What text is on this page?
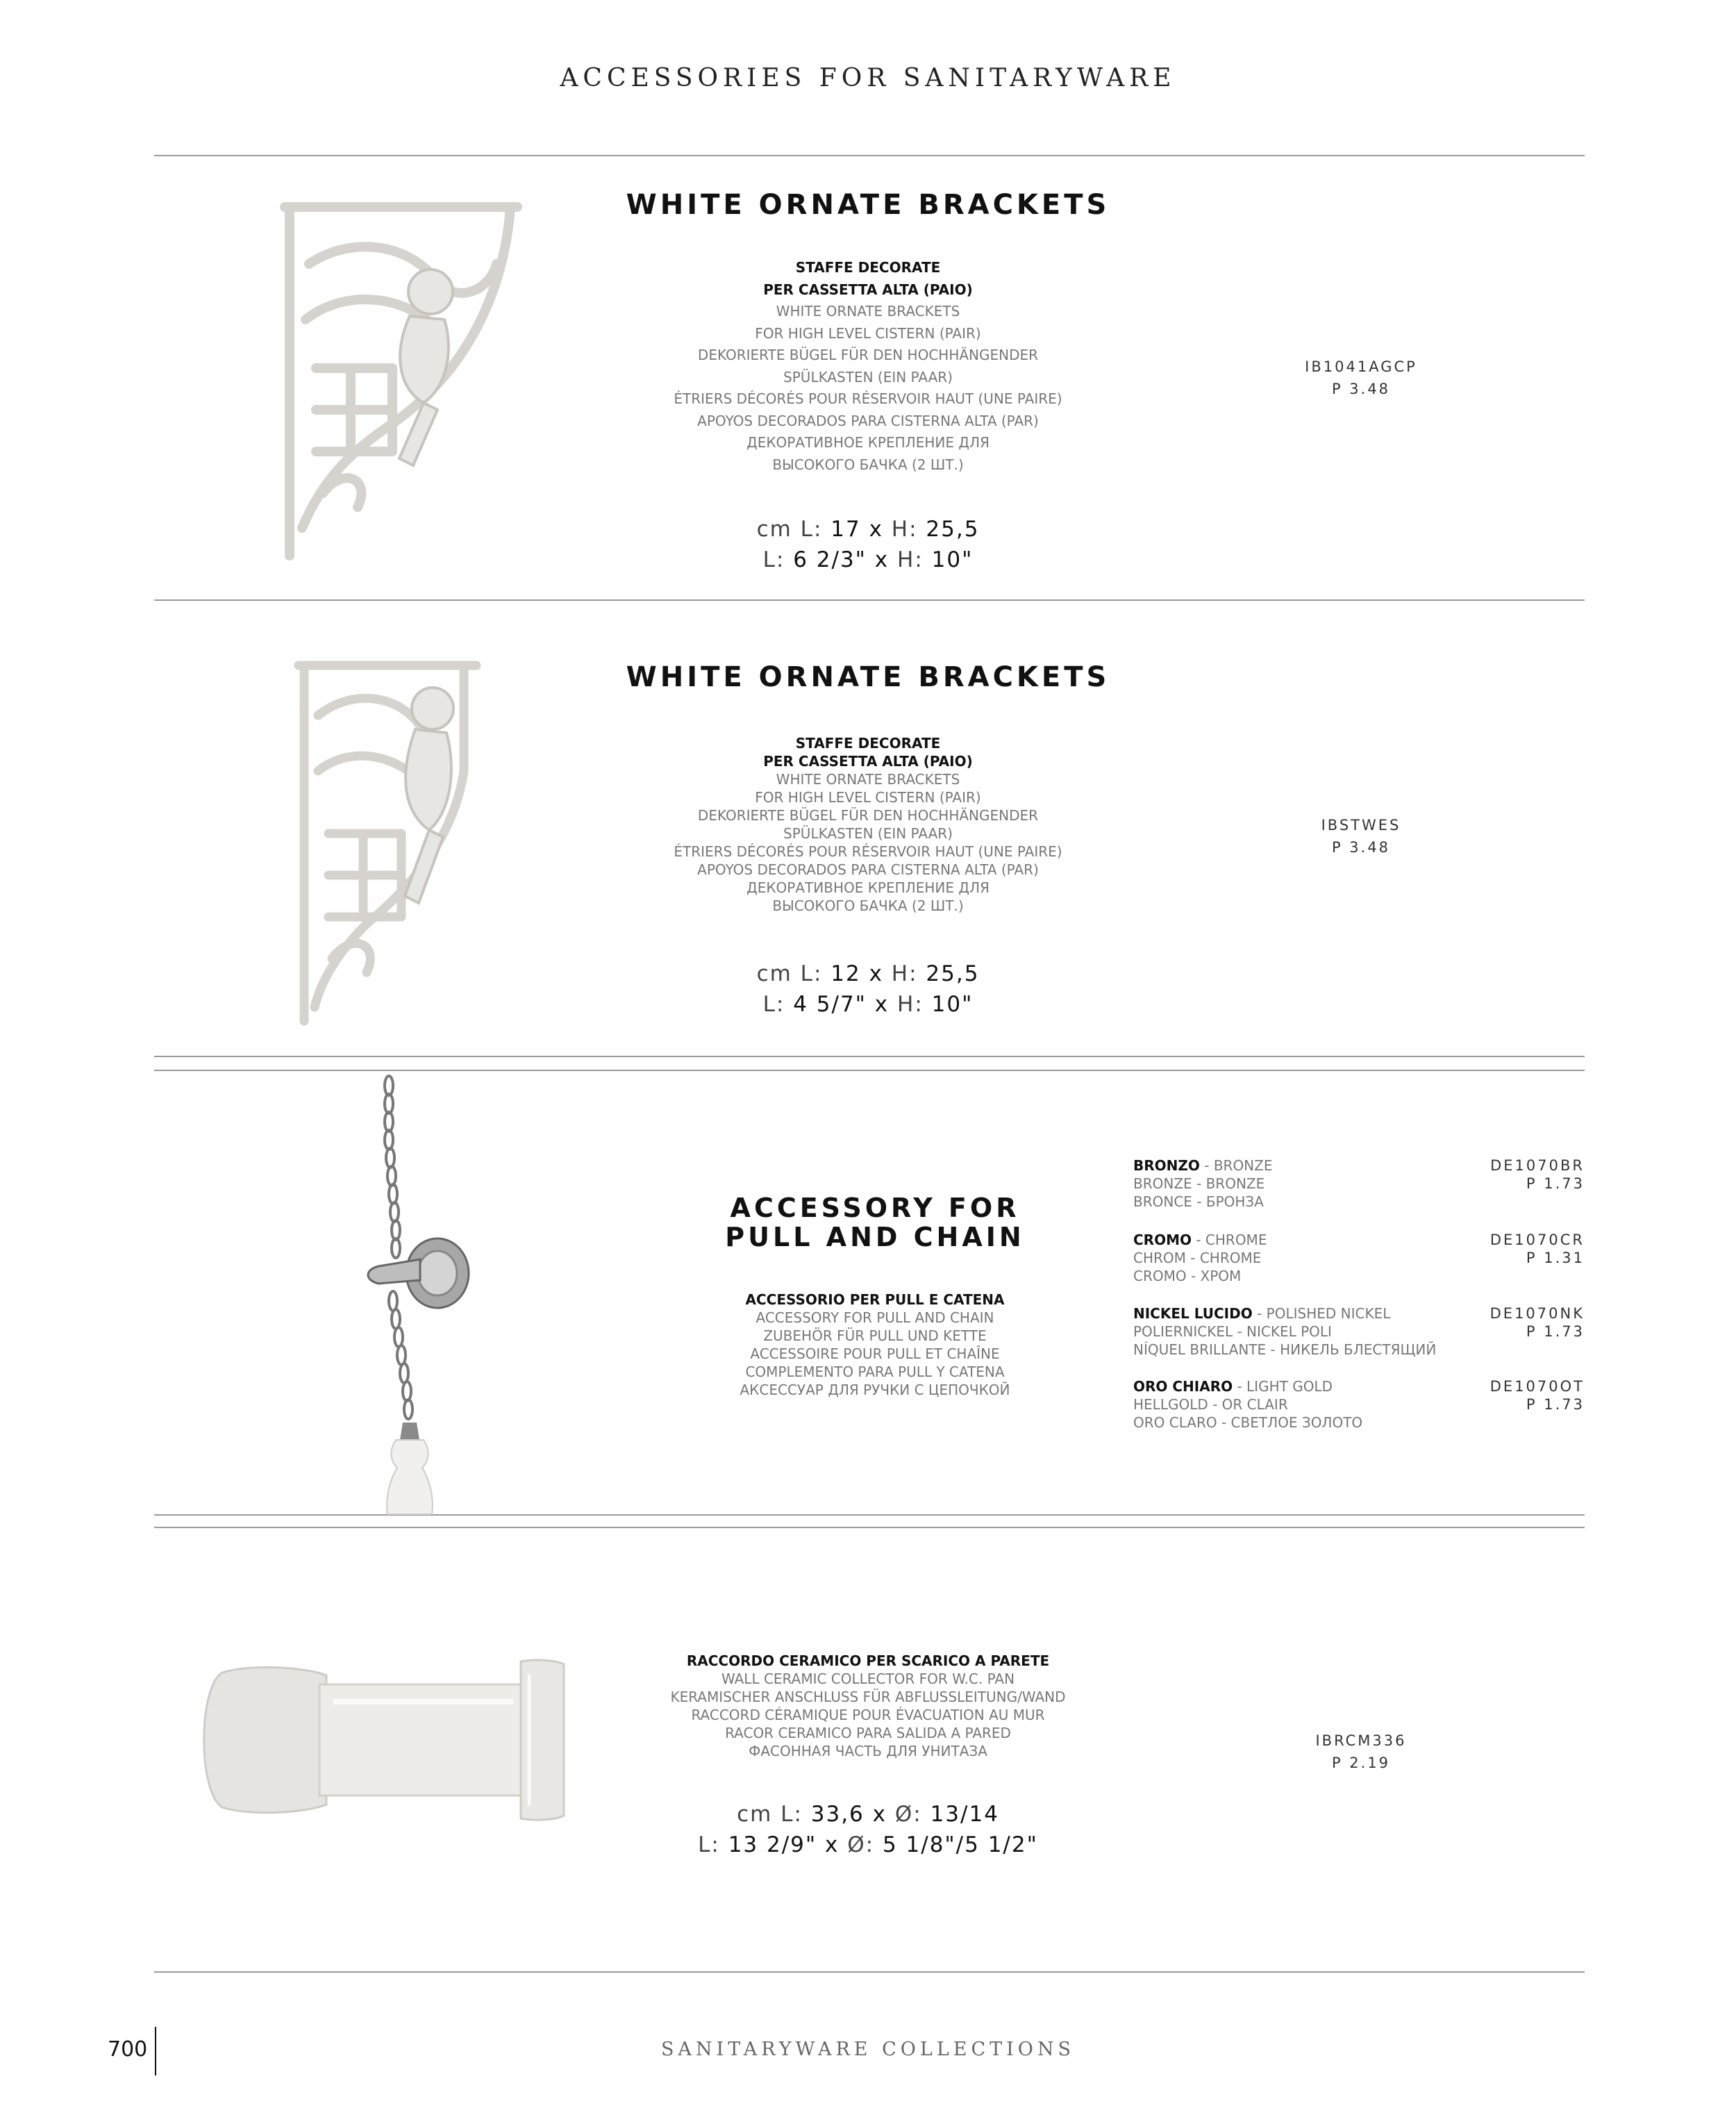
ACCESSORIES FOR SANITARYWARE
WHITE ORNATE BRACKETS
STAFFE DECORATE
PER CASSETTA ALTA (PAIO)
WHITE ORNATE BRACKETS
FOR HIGH LEVEL CISTERN (PAIR)
DEKORIERTE BÜGEL FÜR DEN HOCHHÄNGENDER
SPÜLKASTEN (EIN PAAR)
ÉTRIERS DÉCORÉS POUR RÉSERVOIR HAUT (UNE PAIRE)
APOYOS DECORADOS PARA CISTERNA ALTA (PAR)
ДЕКОРАТИВНОЕ КРЕПЛЕНИЕ ДЛЯ
ВЫСОКОГО БАЧКА (2 ШТ.)
cm L: 17 x H: 25,5
L: 6 2/3" x H: 10"
IB1041AGCP
P 3.48
WHITE ORNATE BRACKETS
STAFFE DECORATE
PER CASSETTA ALTA (PAIO)
WHITE ORNATE BRACKETS
FOR HIGH LEVEL CISTERN (PAIR)
DEKORIERTE BÜGEL FÜR DEN HOCHHÄNGENDER
SPÜLKASTEN (EIN PAAR)
ÉTRIERS DÉCORÉS POUR RÉSERVOIR HAUT (UNE PAIRE)
APOYOS DECORADOS PARA CISTERNA ALTA (PAR)
ДЕКОРАТИВНОЕ КРЕПЛЕНИЕ ДЛЯ
ВЫСОКОГО БАЧКА (2 ШТ.)
cm L: 12 x H: 25,5
L: 4 5/7" x H: 10"
IBSTWES
P 3.48
ACCESSORY FOR
PULL AND CHAIN
ACCESSORIO PER PULL E CATENA
ACCESSORY FOR PULL AND CHAIN
ZUBEHÖR FÜR PULL UND KETTE
ACCESSOIRE POUR PULL ET CHAÎNE
COMPLEMENTO PARA PULL Y CATENA
АКСЕССУАР ДЛЯ РУЧКИ С ЦЕПОЧКОЙ
BRONZO - BRONZE
BRONZE - BRONZE
BRONCE - БРОНЗА
DE1070BR
P 1.73
CROMO - CHROME
CHROM - CHROME
CROMO - ХРОМ
DE1070CR
P 1.31
NICKEL LUCIDO - POLISHED NICKEL
POLIERNICKEL - NICKEL POLI
NÍQUEL BRILLANTE - НИКЕЛЬ БЛЕСТЯЩИЙ
DE1070NK
P 1.73
ORO CHIARO - LIGHT GOLD
HELLGOLD - OR CLAIR
ORO CLARO - СВЕТЛОЕ ЗОЛОТО
DE1070OT
P 1.73
RACCORDO CERAMICO PER SCARICO A PARETE
WALL CERAMIC COLLECTOR FOR W.C. PAN
KERAMISCHER ANSCHLUSS FÜR ABFLUSSLEITUNG/WAND
RACCORD CÉRAMIQUE POUR ÉVACUATION AU MUR
RACOR CERAMICO PARA SALIDA A PARED
ФАСОННАЯ ЧАСТЬ ДЛЯ УНИТАЗА
cm L: 33,6 x Ø: 13/14
L: 13 2/9" x Ø: 5 1/8"/5 1/2"
IBRCM336
P 2.19
700	SANITARYWARE COLLECTIONS
